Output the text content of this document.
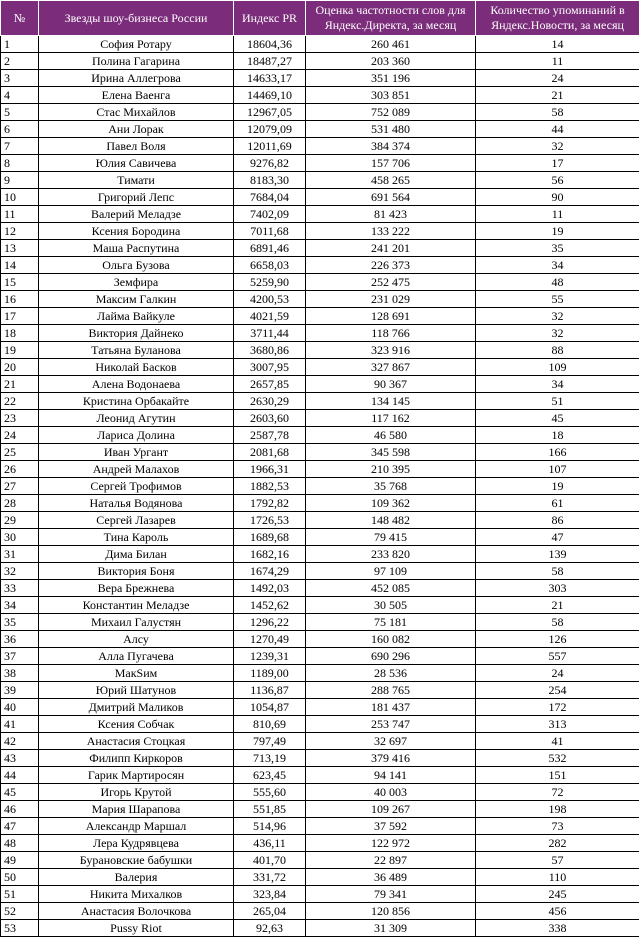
№	Звезды шоу-бизнеса России	Индекс PR	Оценка частотности слов для Яндекс.Директа, за месяц	Количество упоминаний в Яндекс.Новости, за месяц
1	София Ротару	18604,36	260 461	14
2	Полина Гагарина	18487,27	203 360	11
3	Ирина Аллегрова	14633,17	351 196	24
4	Елена Ваенга	14469,10	303 851	21
5	Стас Михайлов	12967,05	752 089	58
6	Ани Лорак	12079,09	531 480	44
7	Павел Воля	12011,69	384 374	32
8	Юлия Савичева	9276,82	157 706	17
9	Тимати	8183,30	458 265	56
10	Григорий Лепс	7684,04	691 564	90
11	Валерий Меладзе	7402,09	81 423	11
12	Ксения Бородина	7011,68	133 222	19
13	Маша Распутина	6891,46	241 201	35
14	Ольга Бузова	6658,03	226 373	34
15	Земфира	5259,90	252 475	48
16	Максим Галкин	4200,53	231 029	55
17	Лайма Вайкуле	4021,59	128 691	32
18	Виктория Дайнеко	3711,44	118 766	32
19	Татьяна Буланова	3680,86	323 916	88
20	Николай Басков	3007,95	327 867	109
21	Алена Водонаева	2657,85	90 367	34
22	Кристина Орбакайте	2630,29	134 145	51
23	Леонид Агутин	2603,60	117 162	45
24	Лариса Долина	2587,78	46 580	18
25	Иван Ургант	2081,68	345 598	166
26	Андрей Малахов	1966,31	210 395	107
27	Сергей Трофимов	1882,53	35 768	19
28	Наталья Водянова	1792,82	109 362	61
29	Сергей Лазарев	1726,53	148 482	86
30	Тина Кароль	1689,68	79 415	47
31	Дима Билан	1682,16	233 820	139
32	Виктория Боня	1674,29	97 109	58
33	Вера Брежнева	1492,03	452 085	303
34	Константин Меладзе	1452,62	30 505	21
35	Михаил Галустян	1296,22	75 181	58
36	Алсу	1270,49	160 082	126
37	Алла Пугачева	1239,31	690 296	557
38	МакSим	1189,00	28 536	24
39	Юрий Шатунов	1136,87	288 765	254
40	Дмитрий Маликов	1054,87	181 437	172
41	Ксения Собчак	810,69	253 747	313
42	Анастасия Стоцкая	797,49	32 697	41
43	Филипп Киркоров	713,19	379 416	532
44	Гарик Мартиросян	623,45	94 141	151
45	Игорь Крутой	555,60	40 003	72
46	Мария Шарапова	551,85	109 267	198
47	Александр Маршал	514,96	37 592	73
48	Лера Кудрявцева	436,11	122 972	282
49	Бурановские бабушки	401,70	22 897	57
50	Валерия	331,72	36 489	110
51	Никита Михалков	323,84	79 341	245
52	Анастасия Волочкова	265,04	120 856	456
53	Pussy Riot	92,63	31 309	338
